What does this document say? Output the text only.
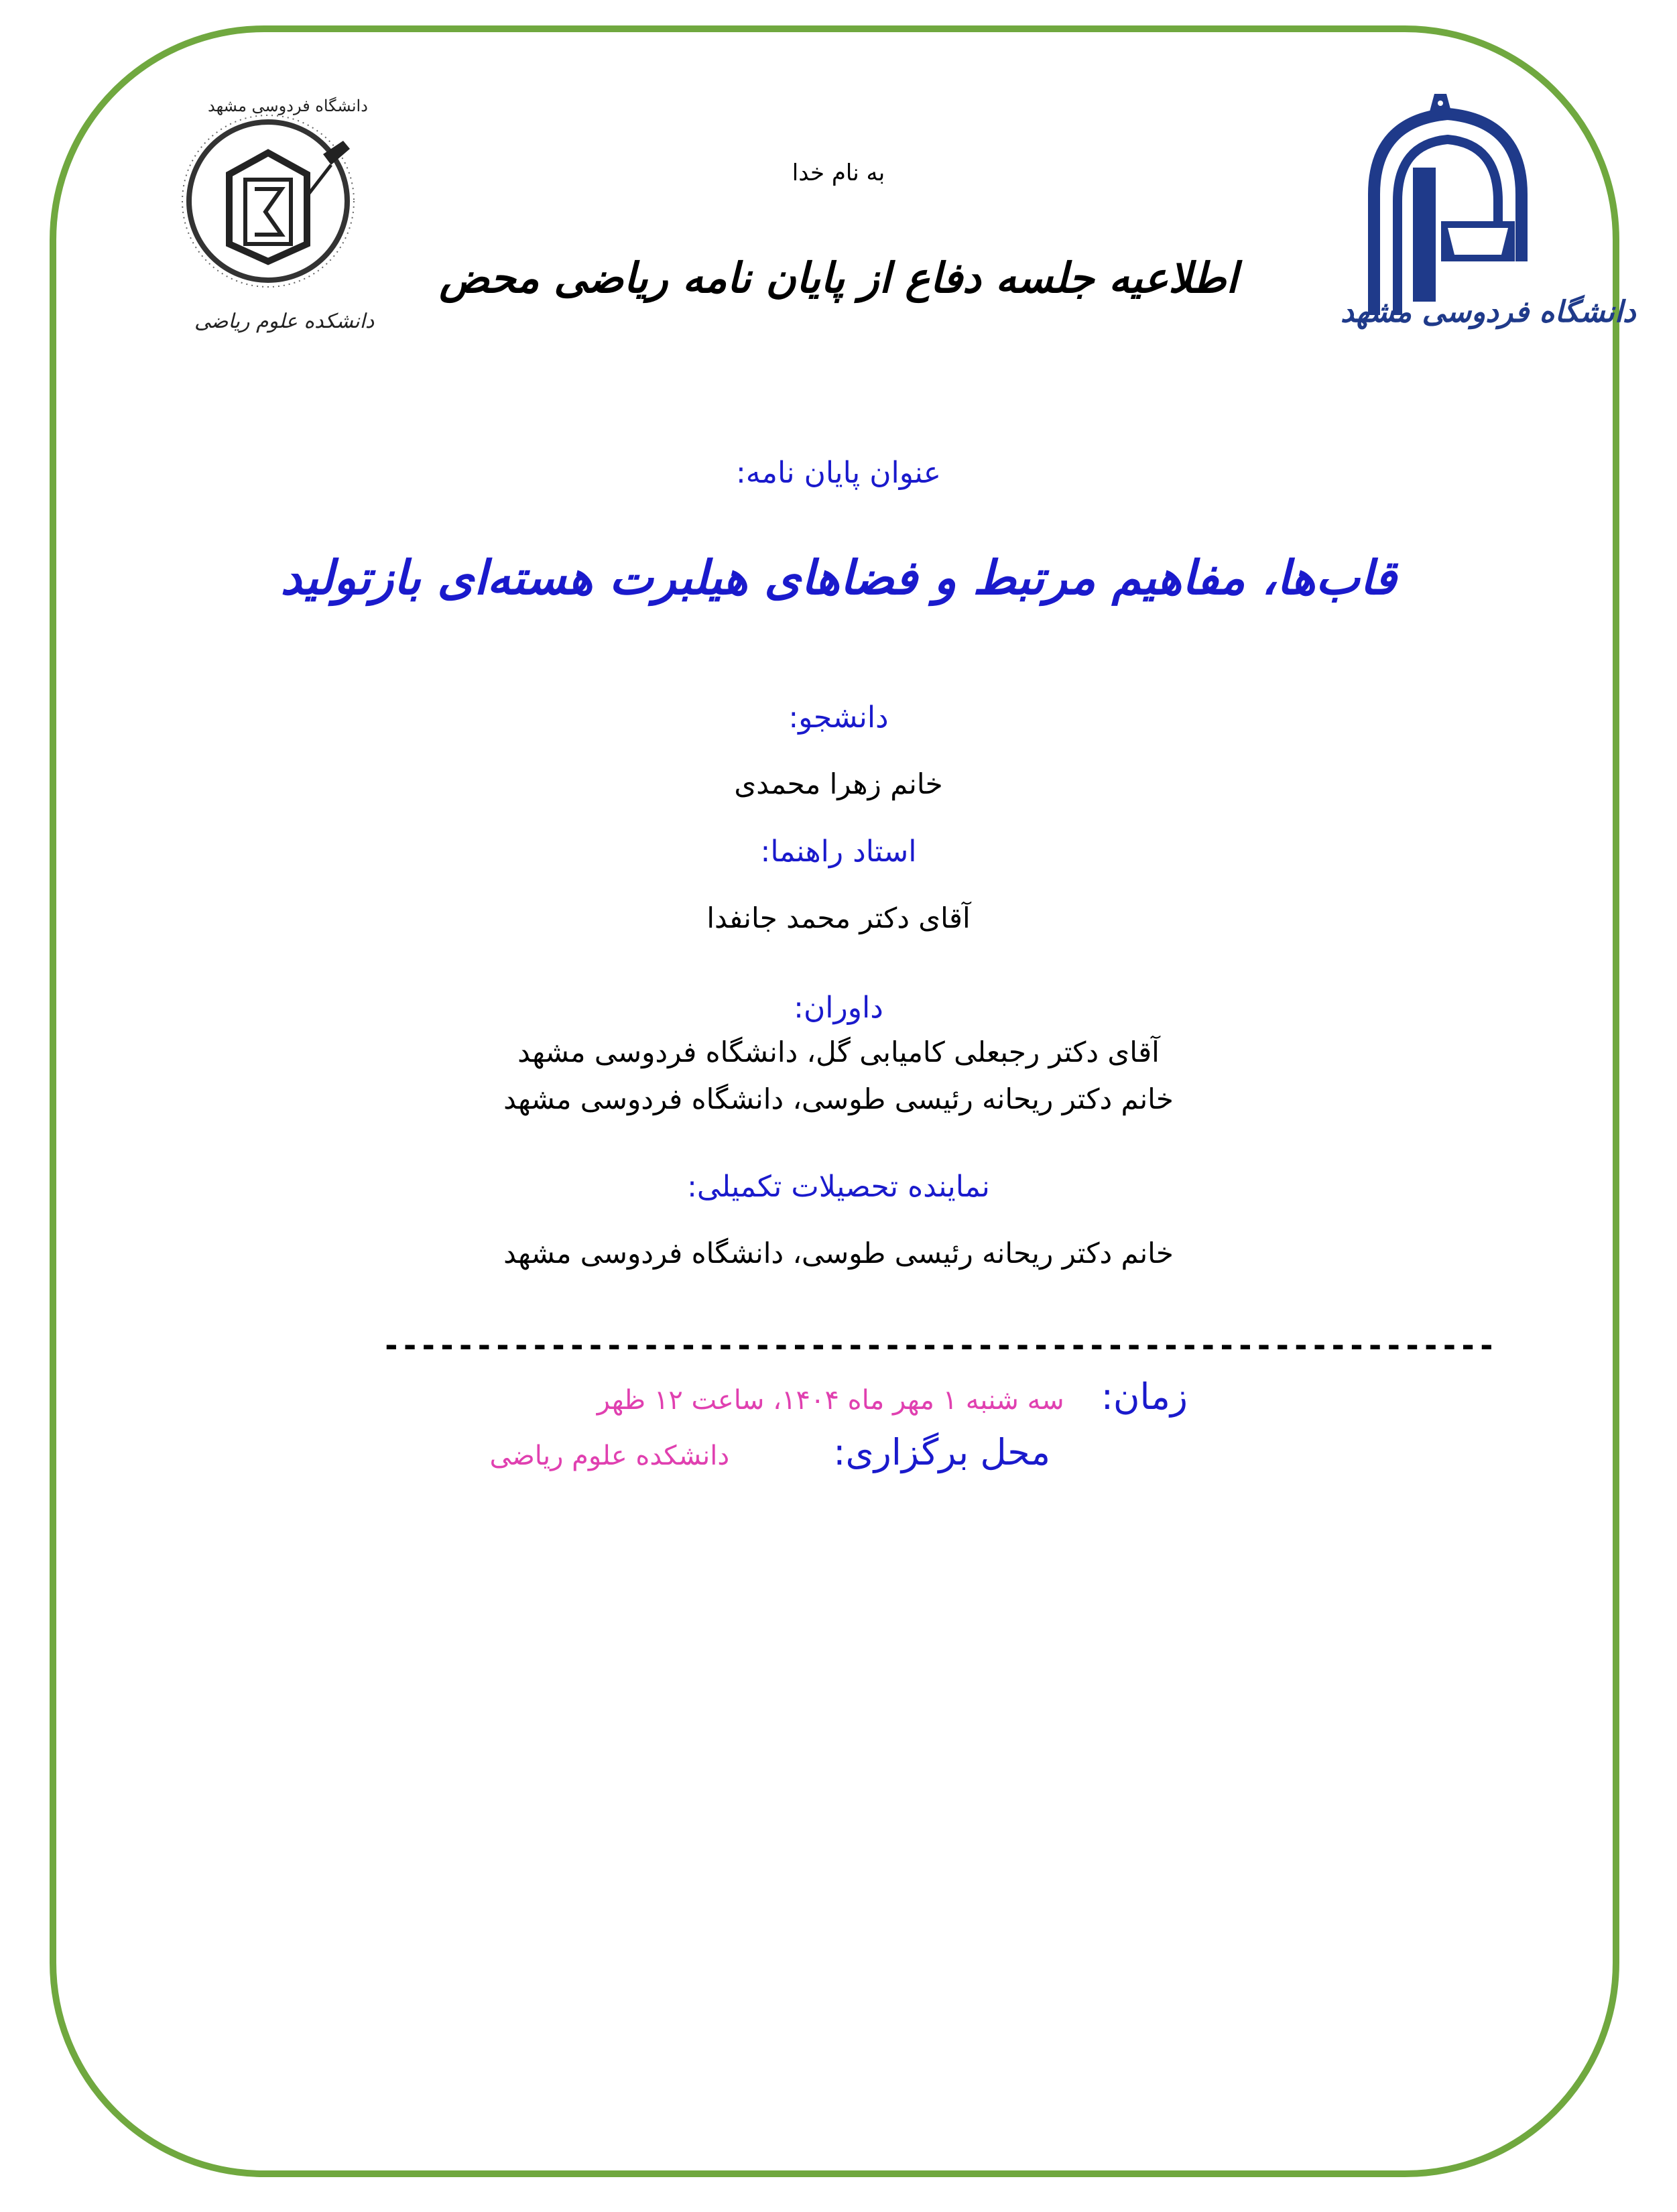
دانشگاه فردوسی مشهد
دانشکده علوم ریاضی	دانشگاه فردوسی مشهد
به نام خدا
اطلاعیه جلسه دفاع از پایان نامه ریاضی محض
عنوان پایان نامه:
قاب‌ها، مفاهیم مرتبط و فضاهای هیلبرت هسته‌ای بازتولید
دانشجو:
خانم زهرا محمدی
استاد راهنما:
آقای دکتر محمد جانفدا
داوران:
آقای دکتر رجبعلی کامیابی گل، دانشگاه فردوسی مشهد
خانم دکتر ریحانه رئیسی طوسی، دانشگاه فردوسی مشهد
نماینده تحصیلات تکمیلی:
خانم دکتر ریحانه رئیسی طوسی، دانشگاه فردوسی مشهد
------------------------------------------------------------
زمان: سه شنبه ۱ مهر ماه ۱۴۰۴، ساعت ۱۲ ظهر
محل برگزاری: دانشکده علوم ریاضی
